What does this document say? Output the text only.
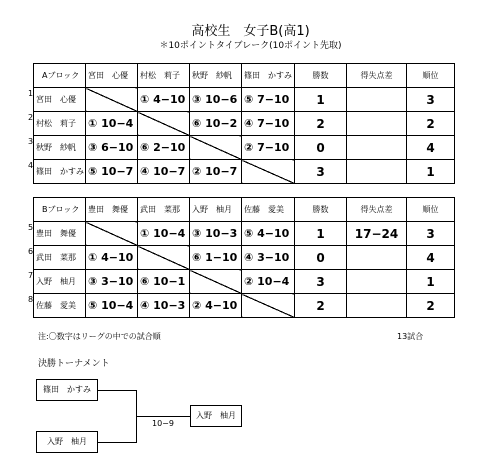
高校生　女子B(高1)
＊10ポイントタイブレーク(10ポイント先取)
1
2
3
4
Aブロック	宮田　心優	村松　莉子	秋野　紗帆	篠田　かすみ	勝数	得失点差	順位
宮田　心優		① 4−10	③ 10−6	⑤ 7−10	1		3
村松　莉子	① 10−4		⑥ 10−2	④ 7−10	2		2
秋野　紗帆	③ 6−10	⑥ 2−10		② 7−10	0		4
篠田　かすみ	⑤ 10−7	④ 10−7	② 10−7		3		1
5
6
7
8
Bブロック	豊田　舞優	武田　菜那	入野　柚月	佐藤　愛美	勝数	得失点差	順位
豊田　舞優		① 10−4	③ 10−3	⑤ 4−10	1	17−24	3
武田　菜那	① 4−10		⑥ 1−10	④ 3−10	0		4
入野　柚月	③ 3−10	⑥ 10−1		② 10−4	3		1
佐藤　愛美	⑤ 10−4	④ 10−3	② 4−10		2		2
注:〇数字はリーグの中での試合順	13試合
決勝トーナメント
篠田　かすみ
入野　柚月
入野　柚月
10−9
